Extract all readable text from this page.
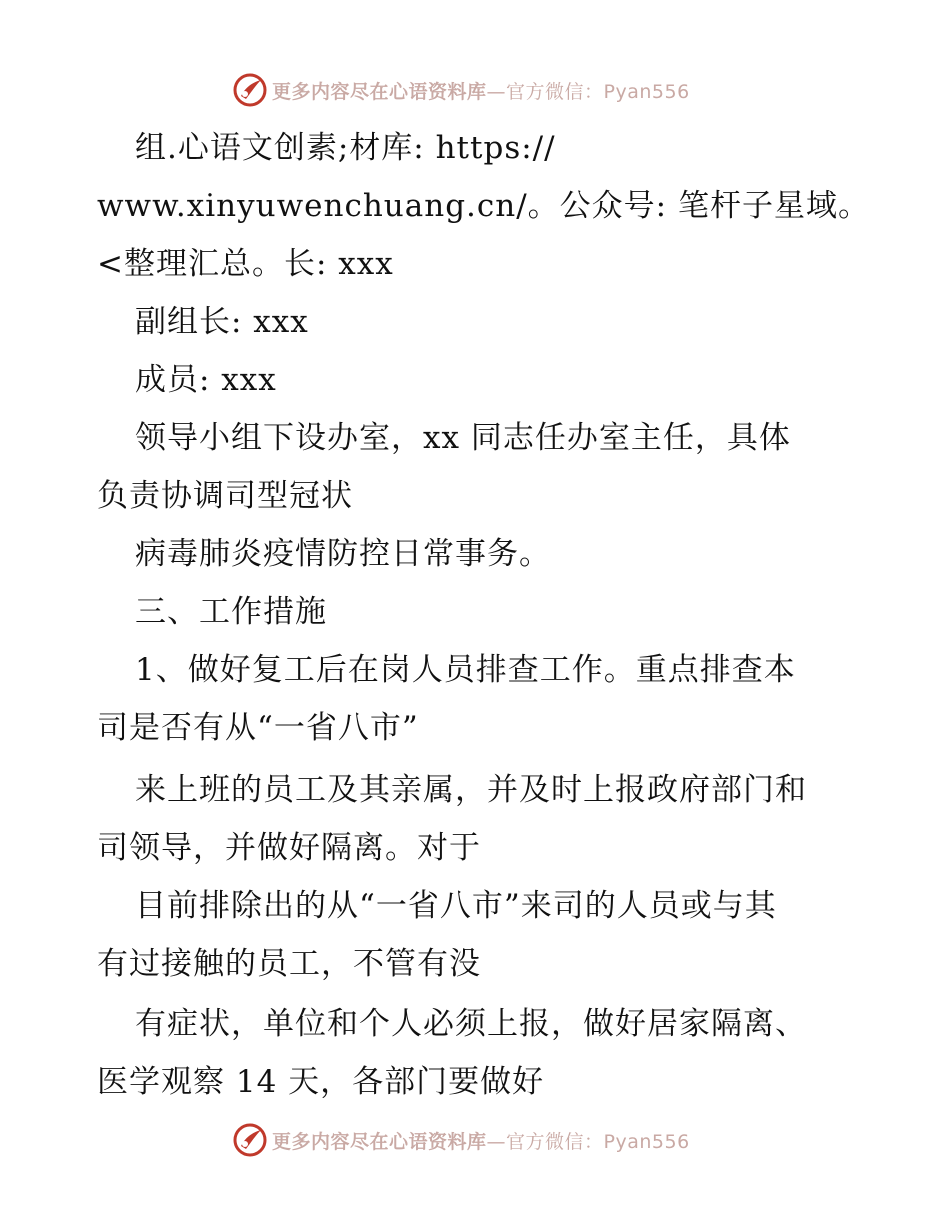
更多内容尽在心语资料库 —官方微信：Pyan556
组.心语文创素;材库: https://
www.xinyuwenchuang.cn/。公众号: 笔杆子星域。
<整理汇总。长: xxx
副组长: xxx
成员: xxx
领导小组下设办室，xx 同志任办室主任，具体
负责协调司型冠状
病毒肺炎疫情防控日常事务。
三、工作措施
1、做好复工后在岗人员排查工作。重点排查本
司是否有从“一省八市”
来上班的员工及其亲属，并及时上报政府部门和
司领导，并做好隔离。对于
目前排除出的从“一省八市”来司的人员或与其
有过接触的员工，不管有没
有症状，单位和个人必须上报，做好居家隔离、
医学观察 14 天，各部门要做好
更多内容尽在心语资料库 —官方微信：Pyan556
